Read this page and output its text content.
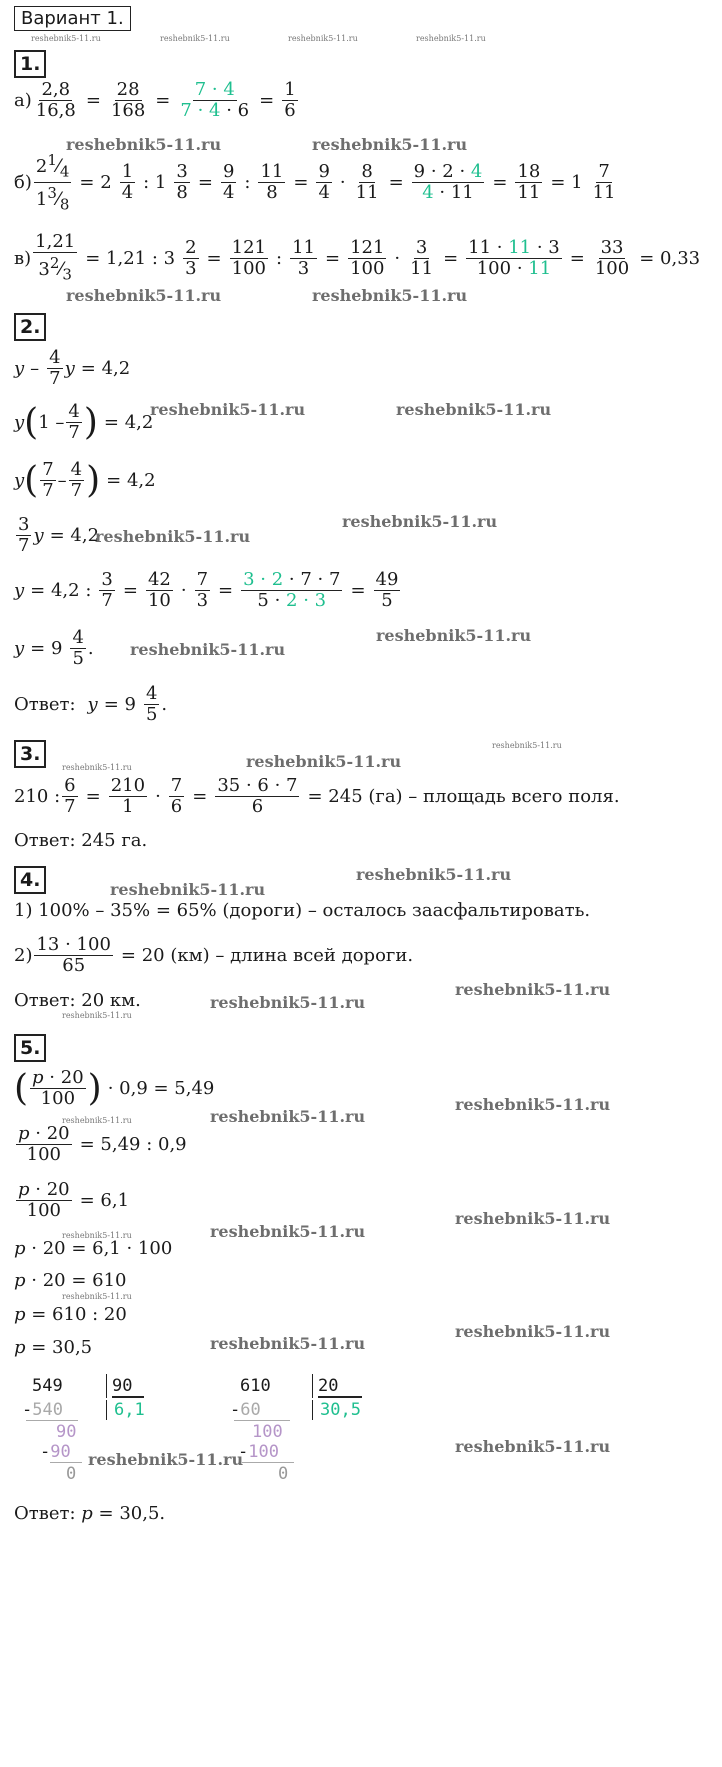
Вариант 1.
reshebnik5-11.ru	reshebnik5-11.ru	reshebnik5-11.ru	reshebnik5-11.ru
1.
$а) \frac{2,8}{16,8} = \frac{28}{168} = \frac{7 \cdot 4}{7 \cdot 4 \cdot 6} = \frac{1}{6}$
reshebnik5-11.ru	reshebnik5-11.ru
$б) \frac{2^1⁄_4}{1^3⁄_8} = 2 \frac{1}{4}$ : $1 \frac{3}{8} = \frac{9}{4}$ : $\frac{11}{8} = \frac{9}{4} \cdot \frac{8}{11} = \frac{9 \cdot 2 \cdot 4}{4 \cdot 11} = \frac{18}{11} = 1 \frac{7}{11}$
$в) \frac{1,21}{3^2⁄_3} = 1,21$ : $3 \frac{2}{3} = \frac{121}{100}$ : $\frac{11}{3} = \frac{121}{100} \cdot \frac{3}{11} = \frac{11 \cdot 11 \cdot 3}{100 \cdot 11} = \frac{33}{100} = 0,33$
reshebnik5-11.ru	reshebnik5-11.ru
2.
y – $\frac{4}{7}$ y = 4,2
reshebnik5-11.ru	reshebnik5-11.ru
y ( $1 - \frac{4}{7}$ ) = 4,2
y ( $\frac{7}{7} - \frac{4}{7}$ ) = 4,2
$\frac{3}{7}$ y = 4,2
reshebnik5-11.ru
reshebnik5-11.ru
y = 4,2 : $\frac{3}{7} = \frac{42}{10} \cdot \frac{7}{3} = \frac{3 \cdot 2 \cdot 7 \cdot 7}{5 \cdot 2 \cdot 3} = \frac{49}{5}$
reshebnik5-11.ru
$y = 9 \frac{4}{5}$ . reshebnik5-11.ru
Ответ: $y = 9 \frac{4}{5}$ .
3.
reshebnik5-11.ru	reshebnik5-11.ru
reshebnik5-11.ru
210 : $\frac{6}{7} = \frac{210}{1} \cdot \frac{7}{6} = \frac{35 \cdot 6 \cdot 7}{6} = 245$ (га) – площадь всего поля.
Ответ: 245 га.
4.	reshebnik5-11.ru
reshebnik5-11.ru
1) 100% – 35% = 65% (дороги) – осталось заасфальтировать.
$2) \frac{13 \cdot 100}{65} = 20$ (км) – длина всей дороги.
Ответ: 20 км.
reshebnik5-11.ru
reshebnik5-11.ru
reshebnik5-11.ru
5.
( $\frac{p \cdot 20}{100}$ ) · 0,9 = 5,49
reshebnik5-11.ru	reshebnik5-11.ru
reshebnik5-11.ru
$\frac{p \cdot 20}{100} = 5,49$ : 0,9
$\frac{p \cdot 20}{100} = 6,1$
reshebnik5-11.ru
reshebnik5-11.ru
reshebnik5-11.ru
p · 20 = 6,1 · 100
p · 20 = 610
reshebnik5-11.ru
p = 610 : 20
p = 30,5	reshebnik5-11.ru
reshebnik5-11.ru
549	90
-540	6,1
90
-90
0
610	20
-60	30,5
100
-100
0
reshebnik5-11.ru
reshebnik5-11.ru
Ответ: p = 30,5.
